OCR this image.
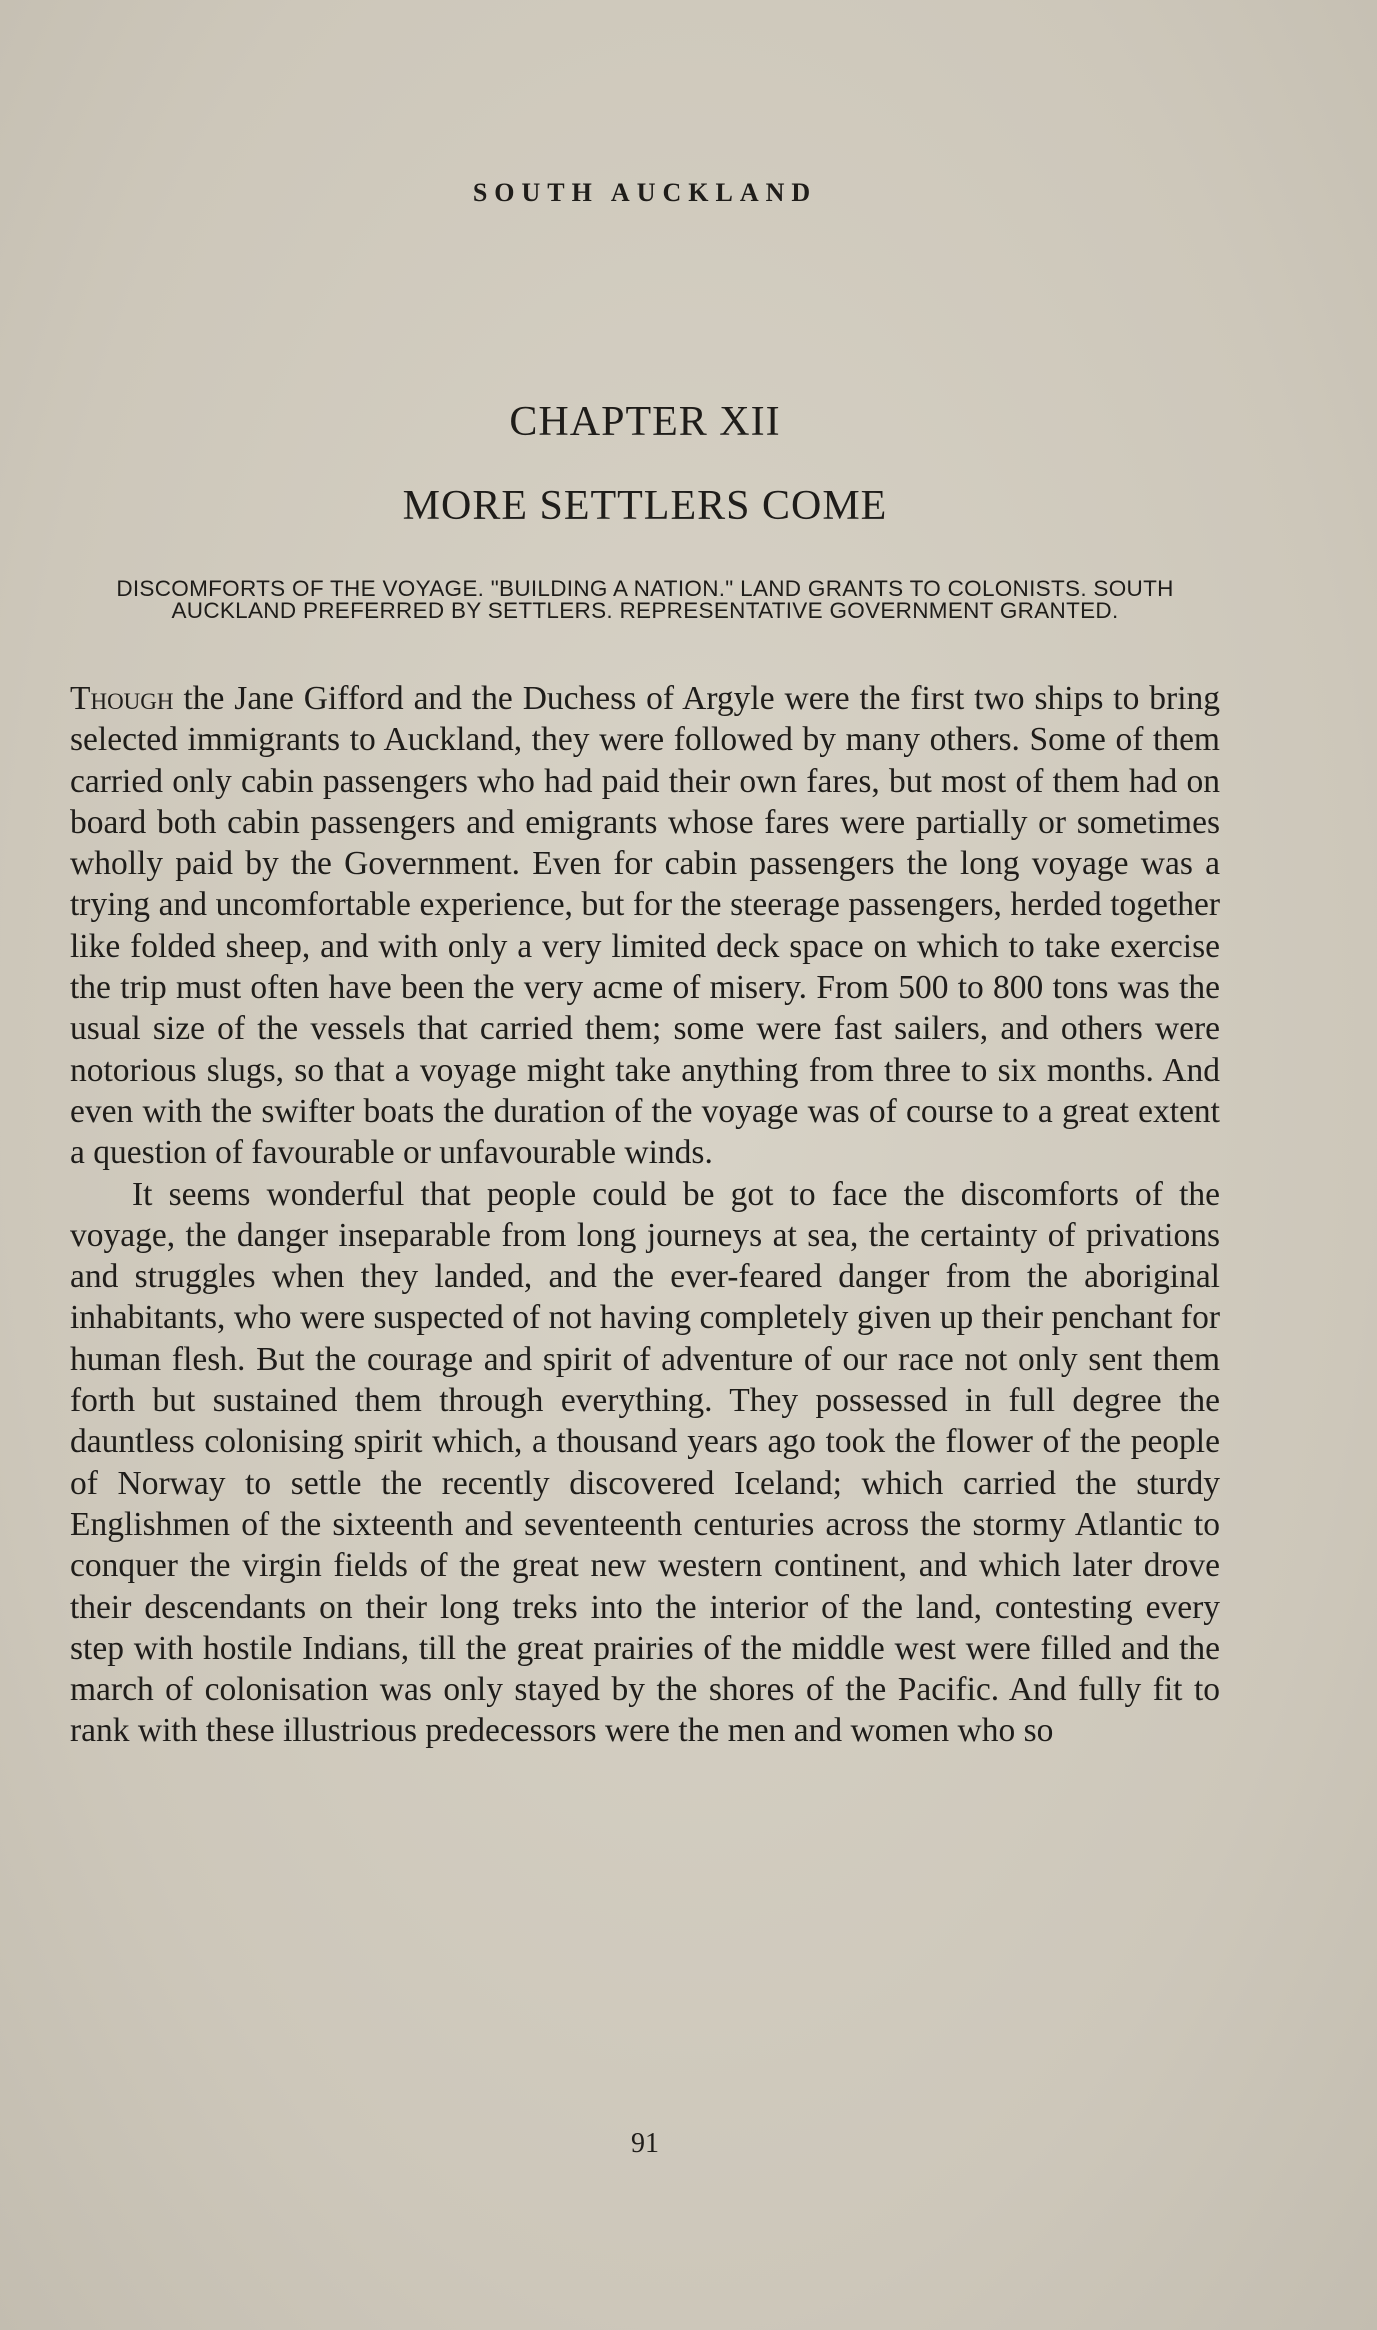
SOUTH AUCKLAND
CHAPTER XII
MORE SETTLERS COME
DISCOMFORTS OF THE VOYAGE. "BUILDING A NATION." LAND GRANTS TO COLONISTS. SOUTH AUCKLAND PREFERRED BY SETTLERS. REPRESENTATIVE GOVERNMENT GRANTED.

Though the Jane Gifford and the Duchess of Argyle were the first two ships to bring selected immigrants to Auckland, they were followed by many others. Some of them carried only cabin passengers who had paid their own fares, but most of them had on board both cabin passengers and emigrants whose fares were partially or sometimes wholly paid by the Government. Even for cabin passengers the long voyage was a trying and uncomfortable experience, but for the steerage passengers, herded together like folded sheep, and with only a very limited deck space on which to take exercise the trip must often have been the very acme of misery. From 500 to 800 tons was the usual size of the vessels that carried them; some were fast sailers, and others were notorious slugs, so that a voyage might take anything from three to six months. And even with the swifter boats the duration of the voyage was of course to a great extent a question of favourable or unfavourable winds.

It seems wonderful that people could be got to face the discomforts of the voyage, the danger inseparable from long journeys at sea, the certainty of privations and struggles when they landed, and the ever-feared danger from the aboriginal inhabitants, who were suspected of not having completely given up their penchant for human flesh. But the courage and spirit of adventure of our race not only sent them forth but sustained them through everything. They possessed in full degree the dauntless colonising spirit which, a thousand years ago took the flower of the people of Norway to settle the recently discovered Iceland; which carried the sturdy Englishmen of the sixteenth and seventeenth centuries across the stormy Atlantic to conquer the virgin fields of the great new western continent, and which later drove their descendants on their long treks into the interior of the land, contesting every step with hostile Indians, till the great prairies of the middle west were filled and the march of colonisation was only stayed by the shores of the Pacific. And fully fit to rank with these illustrious predecessors were the men and women who so

91
